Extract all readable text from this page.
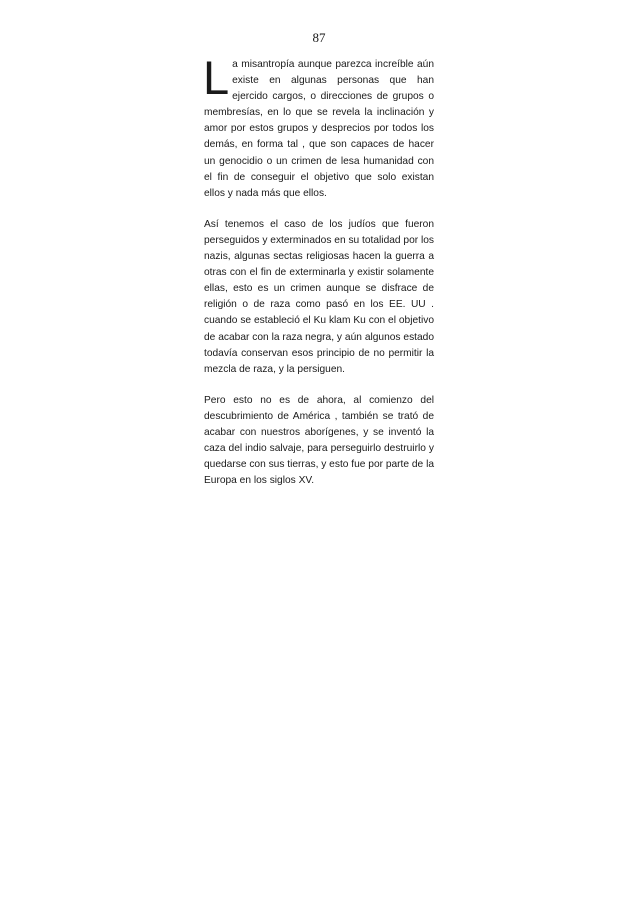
87

La misantropía aunque parezca increíble aún existe en algunas personas que han ejercido cargos, o direcciones de grupos o membresías, en lo que se revela la inclinación y amor por estos grupos y desprecios por todos los demás, en forma tal , que son capaces de hacer un genocidio o un crimen de lesa humanidad con el fin de conseguir el objetivo que solo existan ellos y nada más que ellos.

Así tenemos el caso de los judíos que fueron perseguidos y exterminados en su totalidad por los nazis, algunas sectas religiosas hacen la guerra a otras con el fin de exterminarla y existir solamente ellas, esto es un crimen aunque se disfrace de religión o de raza como pasó en los EE. UU . cuando se estableció el Ku klam Ku con el objetivo de acabar con la raza negra, y aún algunos estado todavía conservan esos principio de no permitir la mezcla de raza, y la persiguen.

Pero esto no es de ahora, al comienzo del descubrimiento de América , también se trató de acabar con nuestros aborígenes, y se inventó la caza del indio salvaje, para perseguirlo destruirlo y quedarse con sus tierras, y esto fue por parte de la Europa en los siglos XV.
